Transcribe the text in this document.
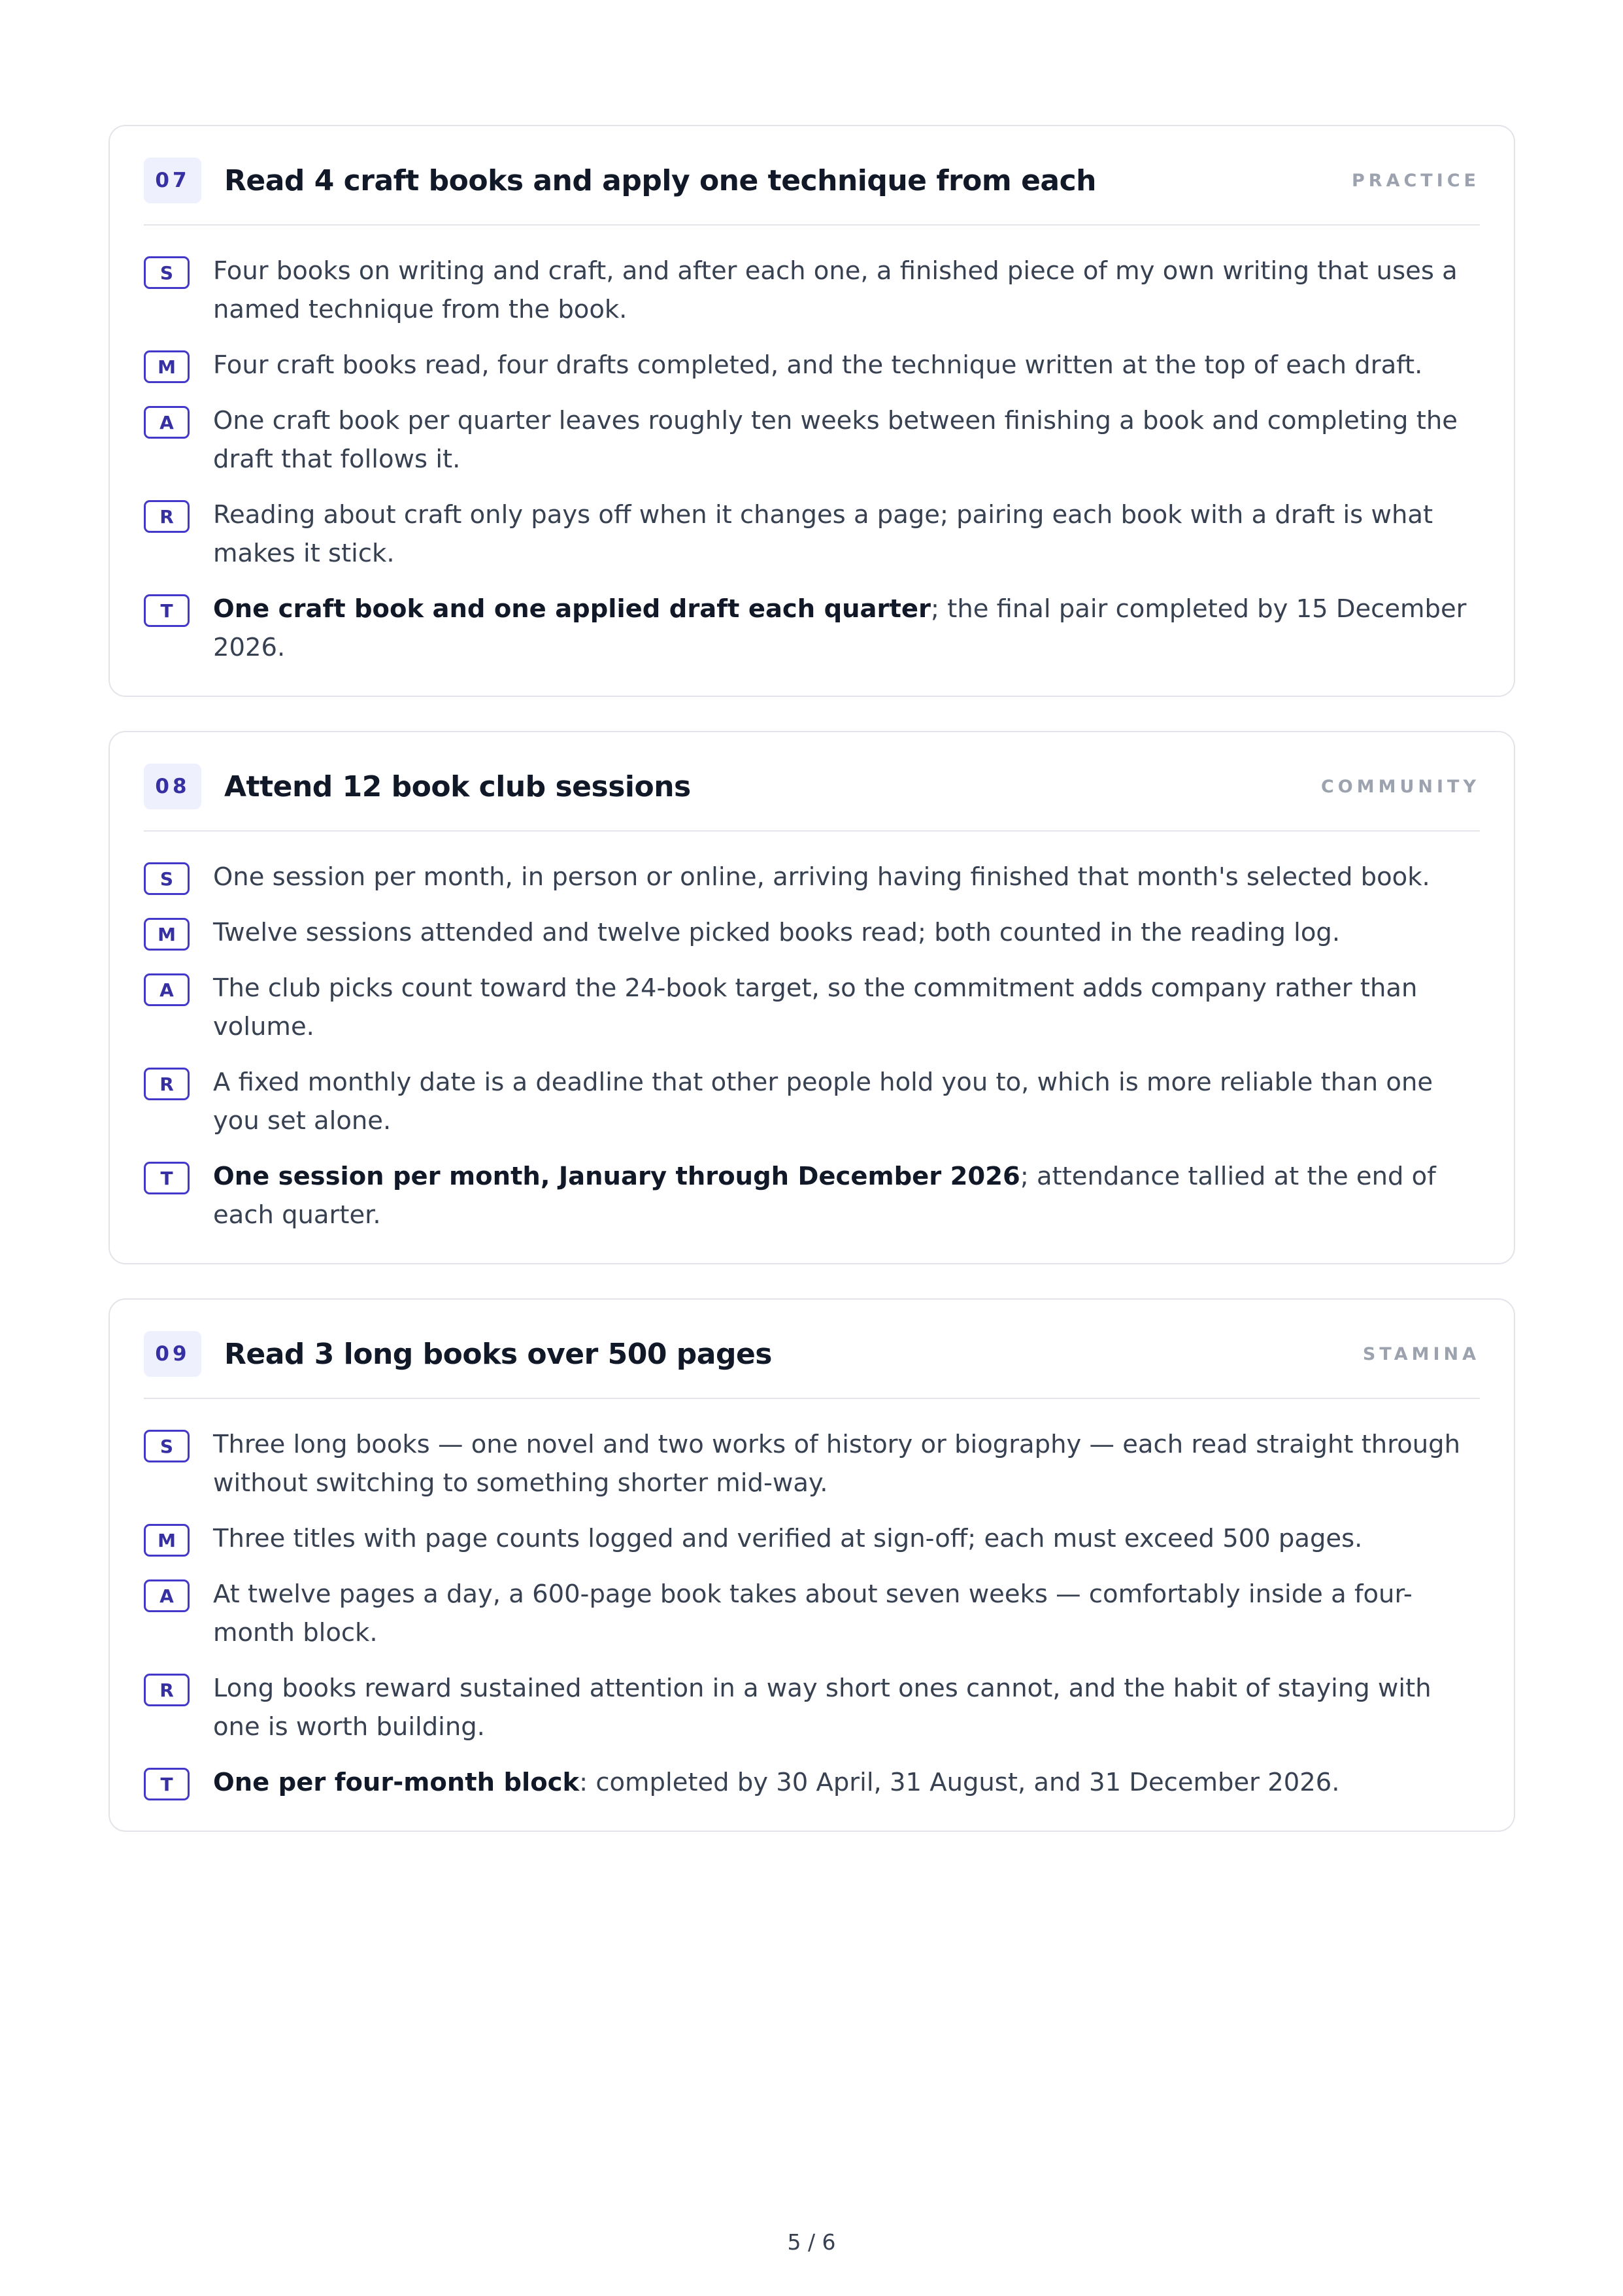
07	Read 4 craft books and apply one technique from each	PRACTICE
S	Four books on writing and craft, and after each one, a finished piece of my own writing that uses a named technique from the book.
M	Four craft books read, four drafts completed, and the technique written at the top of each draft.
A	One craft book per quarter leaves roughly ten weeks between finishing a book and completing the draft that follows it.
R	Reading about craft only pays off when it changes a page; pairing each book with a draft is what makes it stick.
T	One craft book and one applied draft each quarter; the final pair completed by 15 December 2026.
08	Attend 12 book club sessions	COMMUNITY
S	One session per month, in person or online, arriving having finished that month's selected book.
M	Twelve sessions attended and twelve picked books read; both counted in the reading log.
A	The club picks count toward the 24-book target, so the commitment adds company rather than volume.
R	A fixed monthly date is a deadline that other people hold you to, which is more reliable than one you set alone.
T	One session per month, January through December 2026; attendance tallied at the end of each quarter.
09	Read 3 long books over 500 pages	STAMINA
S	Three long books — one novel and two works of history or biography — each read straight through without switching to something shorter mid-way.
M	Three titles with page counts logged and verified at sign-off; each must exceed 500 pages.
A	At twelve pages a day, a 600-page book takes about seven weeks — comfortably inside a four-month block.
R	Long books reward sustained attention in a way short ones cannot, and the habit of staying with one is worth building.
T	One per four-month block: completed by 30 April, 31 August, and 31 December 2026.
5 / 6
